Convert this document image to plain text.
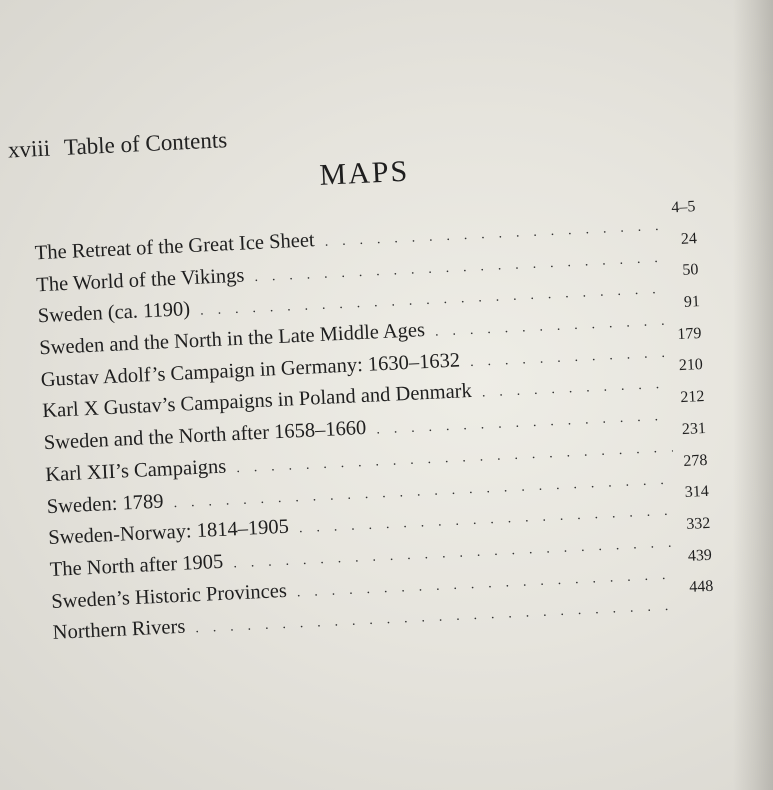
xviii Table of Contents
MAPS
The Retreat of the Great Ice Sheet
. . .
4–5
The World of the Vikings
. . .
24
Sweden (ca. 1190)
. . .
50
Sweden and the North in the Late Middle Ages
. . .
91
Gustav Adolf’s Campaign in Germany: 1630–1632
. . .
179
Karl X Gustav’s Campaigns in Poland and Denmark
. . .
210
Sweden and the North after 1658–1660
. . .
212
Karl XII’s Campaigns
. . .
231
Sweden: 1789
. . .
278
Sweden-Norway: 1814–1905
. . .
314
The North after 1905
. . .
332
Sweden’s Historic Provinces
. . .
439
Northern Rivers
. . .
448
